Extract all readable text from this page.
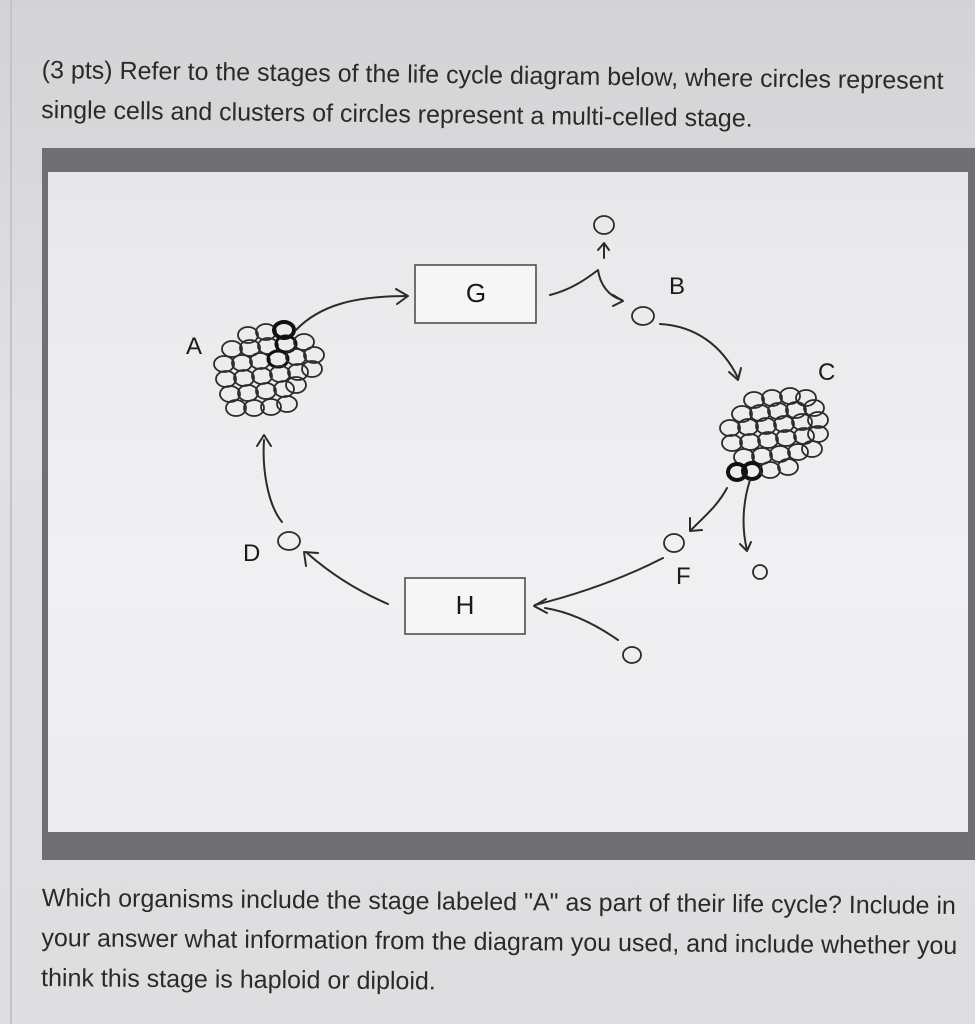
(3 pts) Refer to the stages of the life cycle diagram below, where circles represent single cells and clusters of circles represent a multi-celled stage.

G
H
A
B
C
D
F

Which organisms include the stage labeled "A" as part of their life cycle? Include in your answer what information from the diagram you used, and include whether you think this stage is haploid or diploid.
